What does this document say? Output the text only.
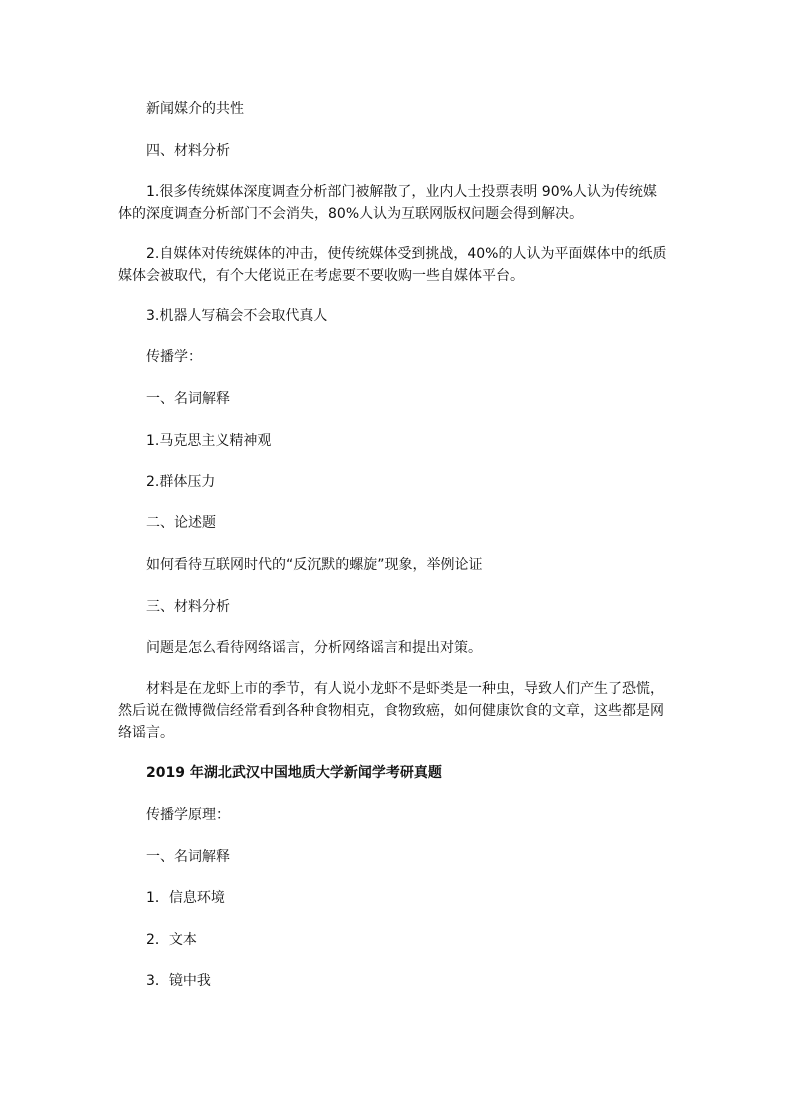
新闻媒介的共性
四、材料分析
1.很多传统媒体深度调查分析部门被解散了，业内人士投票表明 90%人认为传统媒体的深度调查分析部门不会消失，80%人认为互联网版权问题会得到解决。
2.自媒体对传统媒体的冲击，使传统媒体受到挑战，40%的人认为平面媒体中的纸质媒体会被取代，有个大佬说正在考虑要不要收购一些自媒体平台。
3.机器人写稿会不会取代真人
传播学：
一、名词解释
1.马克思主义精神观
2.群体压力
二、论述题
如何看待互联网时代的“反沉默的螺旋”现象，举例论证
三、材料分析
问题是怎么看待网络谣言，分析网络谣言和提出对策。
材料是在龙虾上市的季节，有人说小龙虾不是虾类是一种虫，导致人们产生了恐慌，然后说在微博微信经常看到各种食物相克，食物致癌，如何健康饮食的文章，这些都是网络谣言。
2019 年湖北武汉中国地质大学新闻学考研真题
传播学原理：
一、名词解释
1．信息环境
2．文本
3．镜中我
